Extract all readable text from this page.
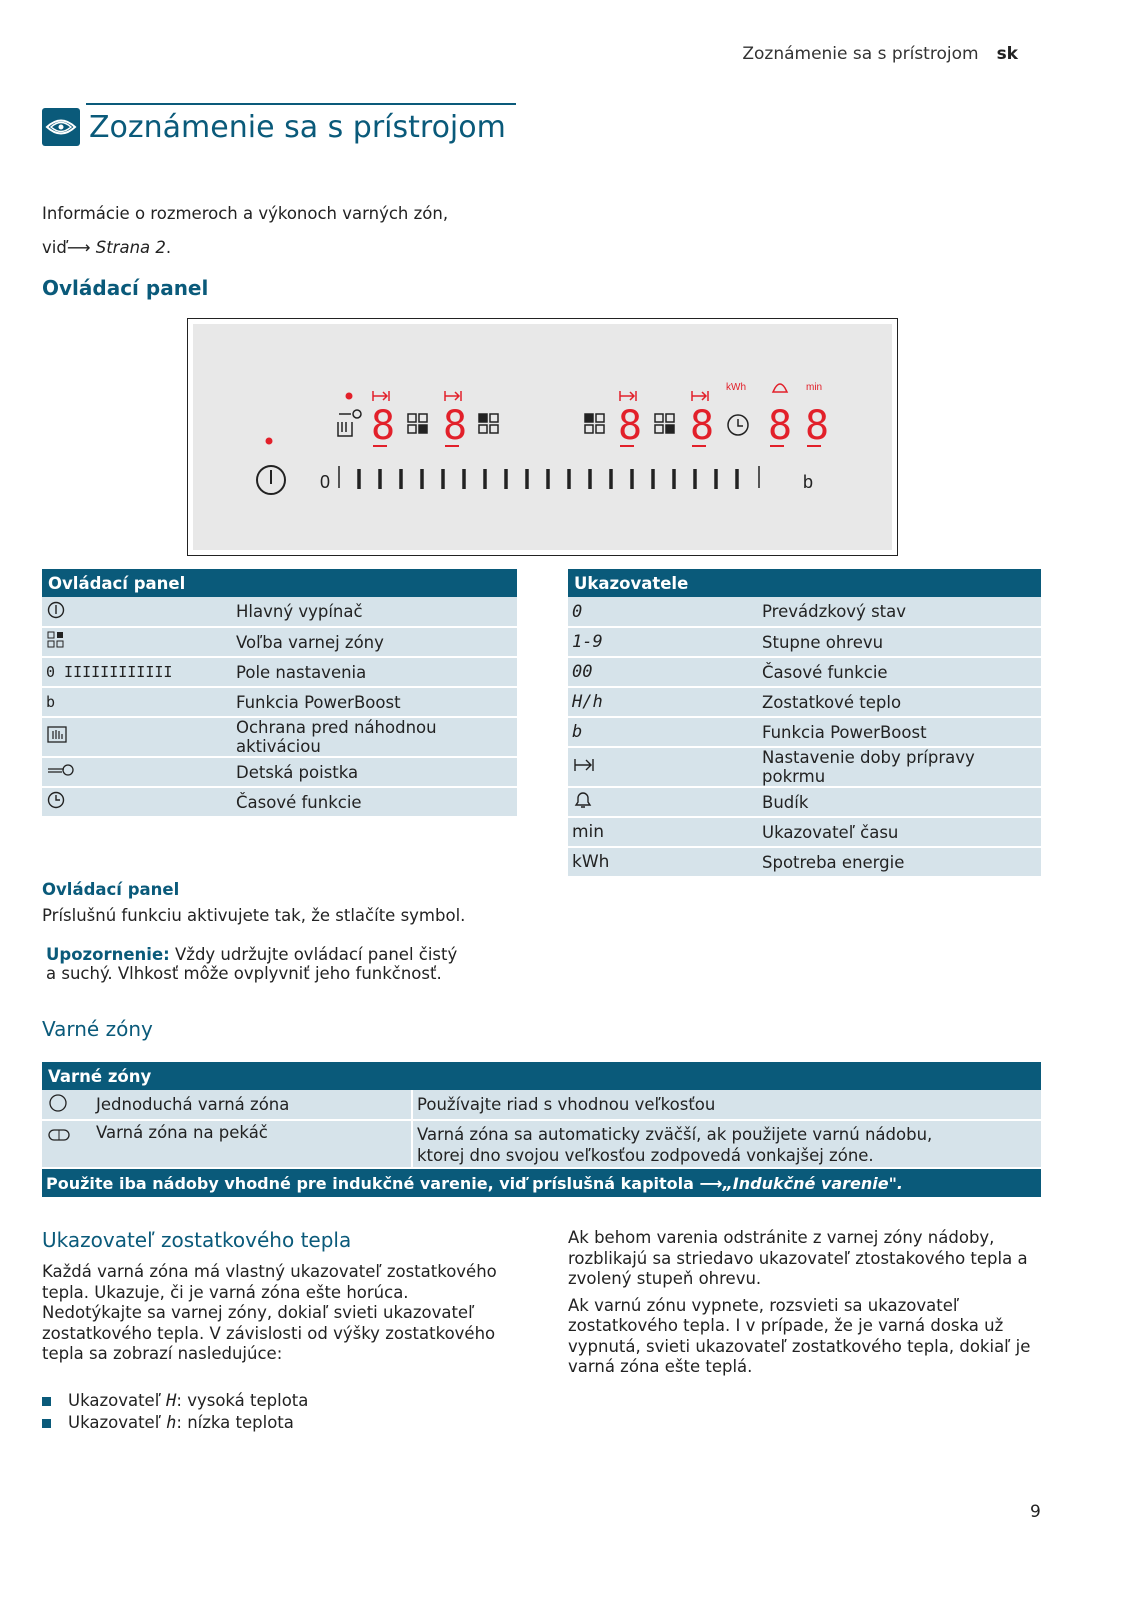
Zoznámenie sa s prístrojom sk
Zoznámenie sa s prístrojom
Informácie o rozmeroch a výkonoch varných zón,
viď⟶ Strana 2.
Ovládací panel
kWh	min
8 8	8 8 8 8
0	b
Ovládací panel	
	Hlavný vypínač
	Voľba varnej zóny
0 IIIIIIIIIIII	Pole nastavenia
b	Funkcia PowerBoost
	Ochrana pred náhodnou aktiváciou
	Detská poistka
	Časové funkcie
Ukazovatele	
0	Prevádzkový stav
1-9	Stupne ohrevu
00	Časové funkcie
H/h	Zostatkové teplo
b	Funkcia PowerBoost
	Nastavenie doby prípravy pokrmu
	Budík
min	Ukazovateľ času
kWh	Spotreba energie
Ovládací panel
Príslušnú funkciu aktivujete tak, že stlačíte symbol.
Upozornenie: Vždy udržujte ovládací panel čistý
a suchý. Vlhkosť môže ovplyvniť jeho funkčnosť.
Varné zóny
Varné zóny		
	Jednoduchá varná zóna	Používajte riad s vhodnou veľkosťou
	Varná zóna na pekáč	Varná zóna sa automaticky zväčší, ak použijete varnú nádobu,
ktorej dno svojou veľkosťou zodpovedá vonkajšej zóne.
Použite iba nádoby vhodné pre indukčné varenie, viď príslušná kapitola ⟶„Indukčné varenie".		
Ukazovateľ zostatkového tepla
Každá varná zóna má vlastný ukazovateľ zostatkového tepla. Ukazuje, či je varná zóna ešte horúca. Nedotýkajte sa varnej zóny, dokiaľ svieti ukazovateľ zostatkového tepla. V závislosti od výšky zostatkového tepla sa zobrazí nasledujúce:
Ukazovateľ H: vysoká teplota
Ukazovateľ h: nízka teplota

Ak behom varenia odstránite z varnej zóny nádoby, rozblikajú sa striedavo ukazovateľ ztostakového tepla a zvolený stupeň ohrevu.

Ak varnú zónu vypnete, rozsvieti sa ukazovateľ zostatkového tepla. I v prípade, že je varná doska už vypnutá, svieti ukazovateľ zostatkového tepla, dokiaľ je varná zóna ešte teplá.

9
